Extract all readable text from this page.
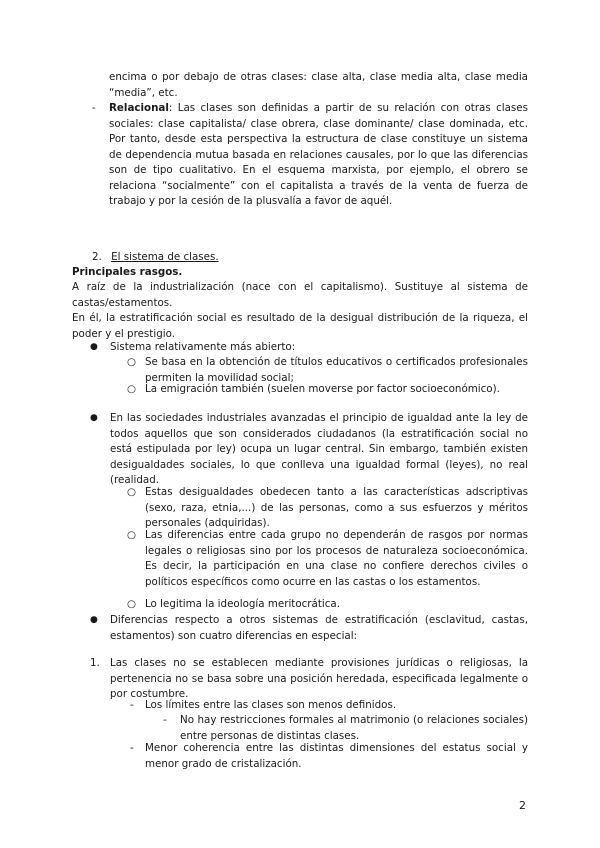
encima o por debajo de otras clases: clase alta, clase media alta, clase media “media”, etc.

- Relacional: Las clases son definidas a partir de su relación con otras clases sociales: clase capitalista/ clase obrera, clase dominante/ clase dominada, etc. Por tanto, desde esta perspectiva la estructura de clase constituye un sistema de dependencia mutua basada en relaciones causales, por lo que las diferencias son de tipo cualitativo. En el esquema marxista, por ejemplo, el obrero se relaciona “socialmente” con el capitalista a través de la venta de fuerza de trabajo y por la cesión de la plusvalía a favor de aquél.

2. El sistema de clases.

Principales rasgos.

A raíz de la industrialización (nace con el capitalismo). Sustituye al sistema de castas/estamentos.

En él, la estratificación social es resultado de la desigual distribución de la riqueza, el poder y el prestigio.

● Sistema relativamente más abierto:

○ Se basa en la obtención de títulos educativos o certificados profesionales permiten la movilidad social;

○ La emigración también (suelen moverse por factor socioeconómico).

● En las sociedades industriales avanzadas el principio de igualdad ante la ley de todos aquellos que son considerados ciudadanos (la estratificación social no está estipulada por ley) ocupa un lugar central. Sin embargo, también existen desigualdades sociales, lo que conlleva una igualdad formal (leyes), no real (realidad.

○ Estas desigualdades obedecen tanto a las características adscriptivas (sexo, raza, etnia,...) de las personas, como a sus esfuerzos y méritos personales (adquiridas).

○ Las diferencias entre cada grupo no dependerán de rasgos por normas legales o religiosas sino por los procesos de naturaleza socioeconómica. Es decir, la participación en una clase no confiere derechos civiles o políticos específicos como ocurre en las castas o los estamentos.

○ Lo legitima la ideología meritocrática.

● Diferencias respecto a otros sistemas de estratificación (esclavitud, castas, estamentos) son cuatro diferencias en especial:

1. Las clases no se establecen mediante provisiones jurídicas o religiosas, la pertenencia no se basa sobre una posición heredada, especificada legalmente o por costumbre.

- Los límites entre las clases son menos definidos.

- No hay restricciones formales al matrimonio (o relaciones sociales) entre personas de distintas clases.

- Menor coherencia entre las distintas dimensiones del estatus social y menor grado de cristalización.

2
